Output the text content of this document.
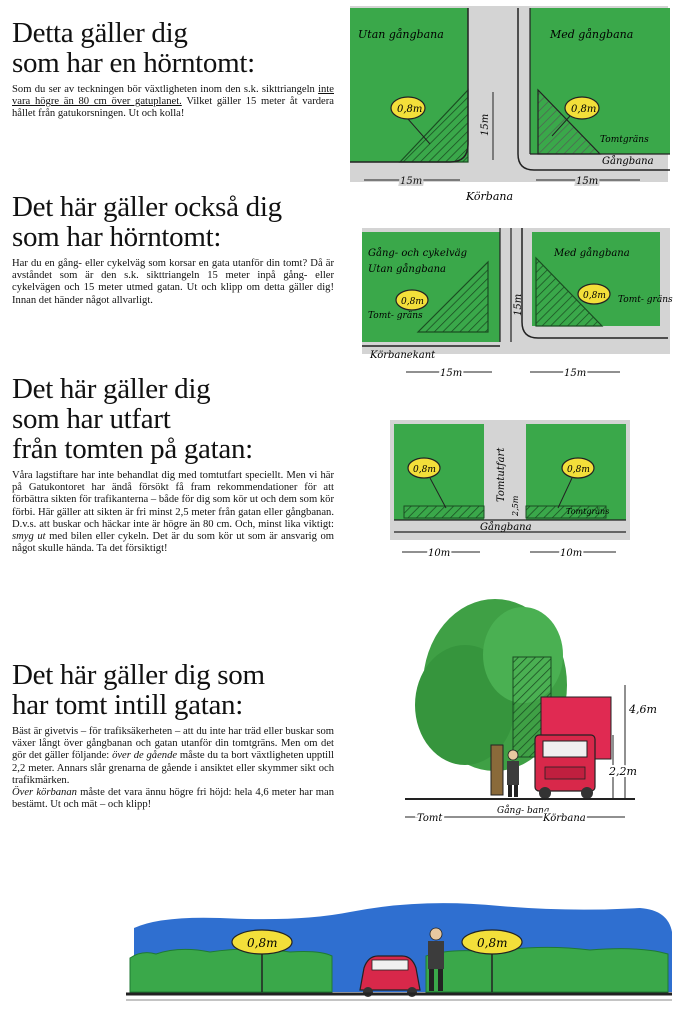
Detta gäller dig
som har en hörntomt:

Som du ser av teckningen bör växtligheten inom den s.k. sikttriangeln inte vara högre än 80 cm över gatuplanet. Vilket gäller 15 meter åt vardera hållet från gatukorsningen. Ut och kolla!

Det här gäller också dig
som har hörntomt:

Har du en gång- eller cykelväg som korsar en gata utanför din tomt? Då är avståndet som är den s.k. sikttriangeln 15 meter inpå gång- eller cykelvägen och 15 meter utmed gatan. Ut och klipp om detta gäller dig! Innan det händer något allvarligt.

Det här gäller dig
som har utfart
från tomten på gatan:

Våra lagstiftare har inte behandlat dig med tomtutfart speciellt. Men vi här på Gatukontoret har ändå försökt få fram rekommendationer för att förbättra sikten för trafikanterna – både för dig som kör ut och dem som kör förbi. Här gäller att sikten är fri minst 2,5 meter från gatan eller gångbanan. D.v.s. att buskar och häckar inte är högre än 80 cm. Och, minst lika viktigt: smyg ut med bilen eller cykeln. Det är du som kör ut som är ansvarig om något skulle hända. Ta det försiktigt!

Det här gäller dig som
har tomt intill gatan:

Bäst är givetvis – för trafiksäkerheten – att du inte har träd eller buskar som växer långt över gångbanan och gatan utanför din tomtgräns. Men om det gör det gäller följande: över de gående måste du ta bort växtligheten upptill 2,2 meter. Annars slår grenarna de gående i ansiktet eller skymmer sikt och trafikmärken.
Över körbanan måste det vara ännu högre fri höjd: hela 4,6 meter har man bestämt. Ut och mät – och klipp!

Utan gångbana	Med gångbana
0,8m	0,8m
15m
Tomtgräns
Gångbana
15m	15m
Körbana
Gång- och cykelväg
Utan gångbana
Med gångbana
0,8m
0,8m
Tomt- gräns
Tomt- gräns
15m
Körbanekant
15m	15m
0,8m	0,8m
Tomtutfart
2,5m	Tomtgräns
Gångbana
10m	10m
4,6m
2,2m
Tomt
Gång- bana
Körbana
0,8m	0,8m
